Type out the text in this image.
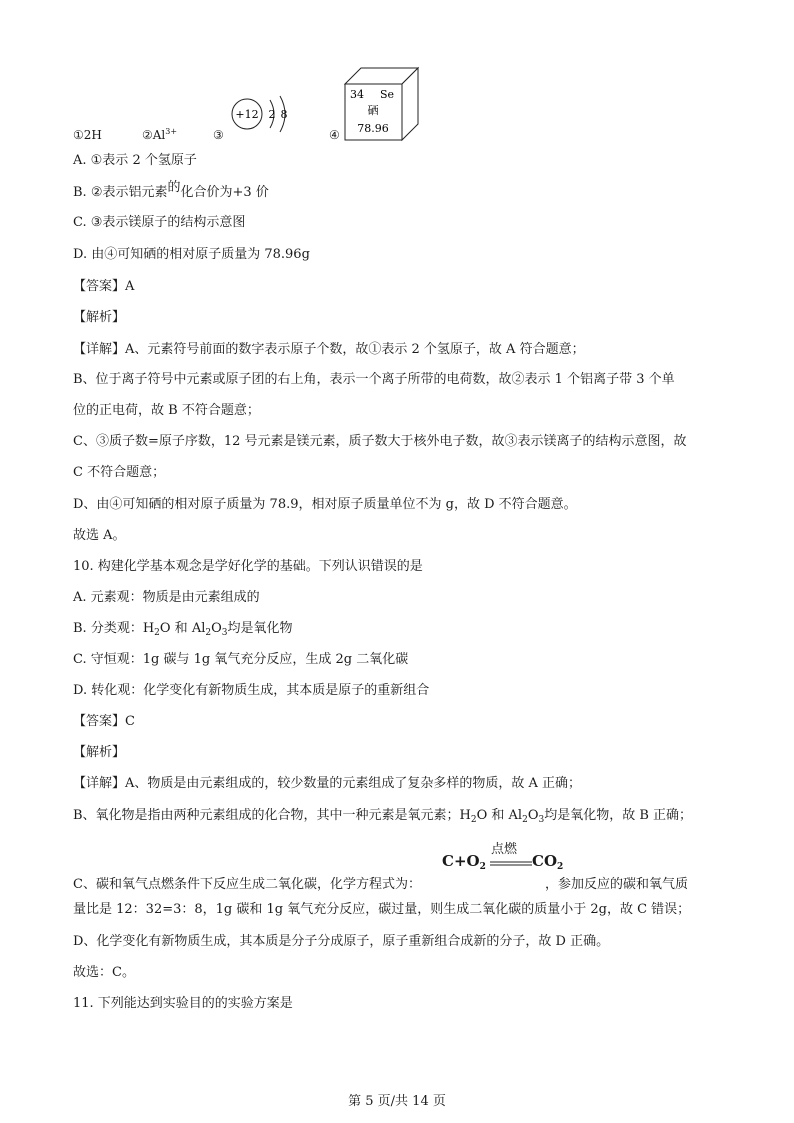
+12 2 8
34 Se
硒
78.96
①2H	$②Al^{3+}$	③	④
A. ①表示 2 个氢原子
B. ②表示铝元素的化合价为+3 价
C. ③表示镁原子的结构示意图
D. 由④可知硒的相对原子质量为 78.96g
【答案】A
【解析】
【详解】A、元素符号前面的数字表示原子个数，故①表示 2 个氢原子，故 A 符合题意；
B、位于离子符号中元素或原子团的右上角，表示一个离子所带的电荷数，故②表示 1 个铝离子带 3 个单
位的正电荷，故 B 不符合题意；
C、③质子数=原子序数，12 号元素是镁元素，质子数大于核外电子数，故③表示镁离子的结构示意图，故
C 不符合题意；
D、由④可知硒的相对原子质量为 78.9，相对原子质量单位不为 g，故 D 不符合题意。
故选 A。
10. 构建化学基本观念是学好化学的基础。下列认识错误的是
A. 元素观：物质是由元素组成的
B. 分类观：$H_2O$ 和 $Al_2O_3$均是氧化物
C. 守恒观：1g 碳与 1g 氧气充分反应，生成 2g 二氧化碳
D. 转化观：化学变化有新物质生成，其本质是原子的重新组合
【答案】C
【解析】
【详解】A、物质是由元素组成的，较少数量的元素组成了复杂多样的物质，故 A 正确；
B、氧化物是指由两种元素组成的化合物，其中一种元素是氧元素；$H_2O$ 和 $Al_2O_3$均是氧化物，故 B 正确；
点燃
$C+O_2$	$CO_2$
C、碳和氧气点燃条件下反应生成二氧化碳，化学方程式为：	，参加反应的碳和氧气质
量比是 12：32=3：8，1g 碳和 1g 氧气充分反应，碳过量，则生成二氧化碳的质量小于 2g，故 C 错误；
D、化学变化有新物质生成，其本质是分子分成原子，原子重新组合成新的分子，故 D 正确。
故选：C。
11. 下列能达到实验目的的实验方案是
第 5 页/共 14 页
